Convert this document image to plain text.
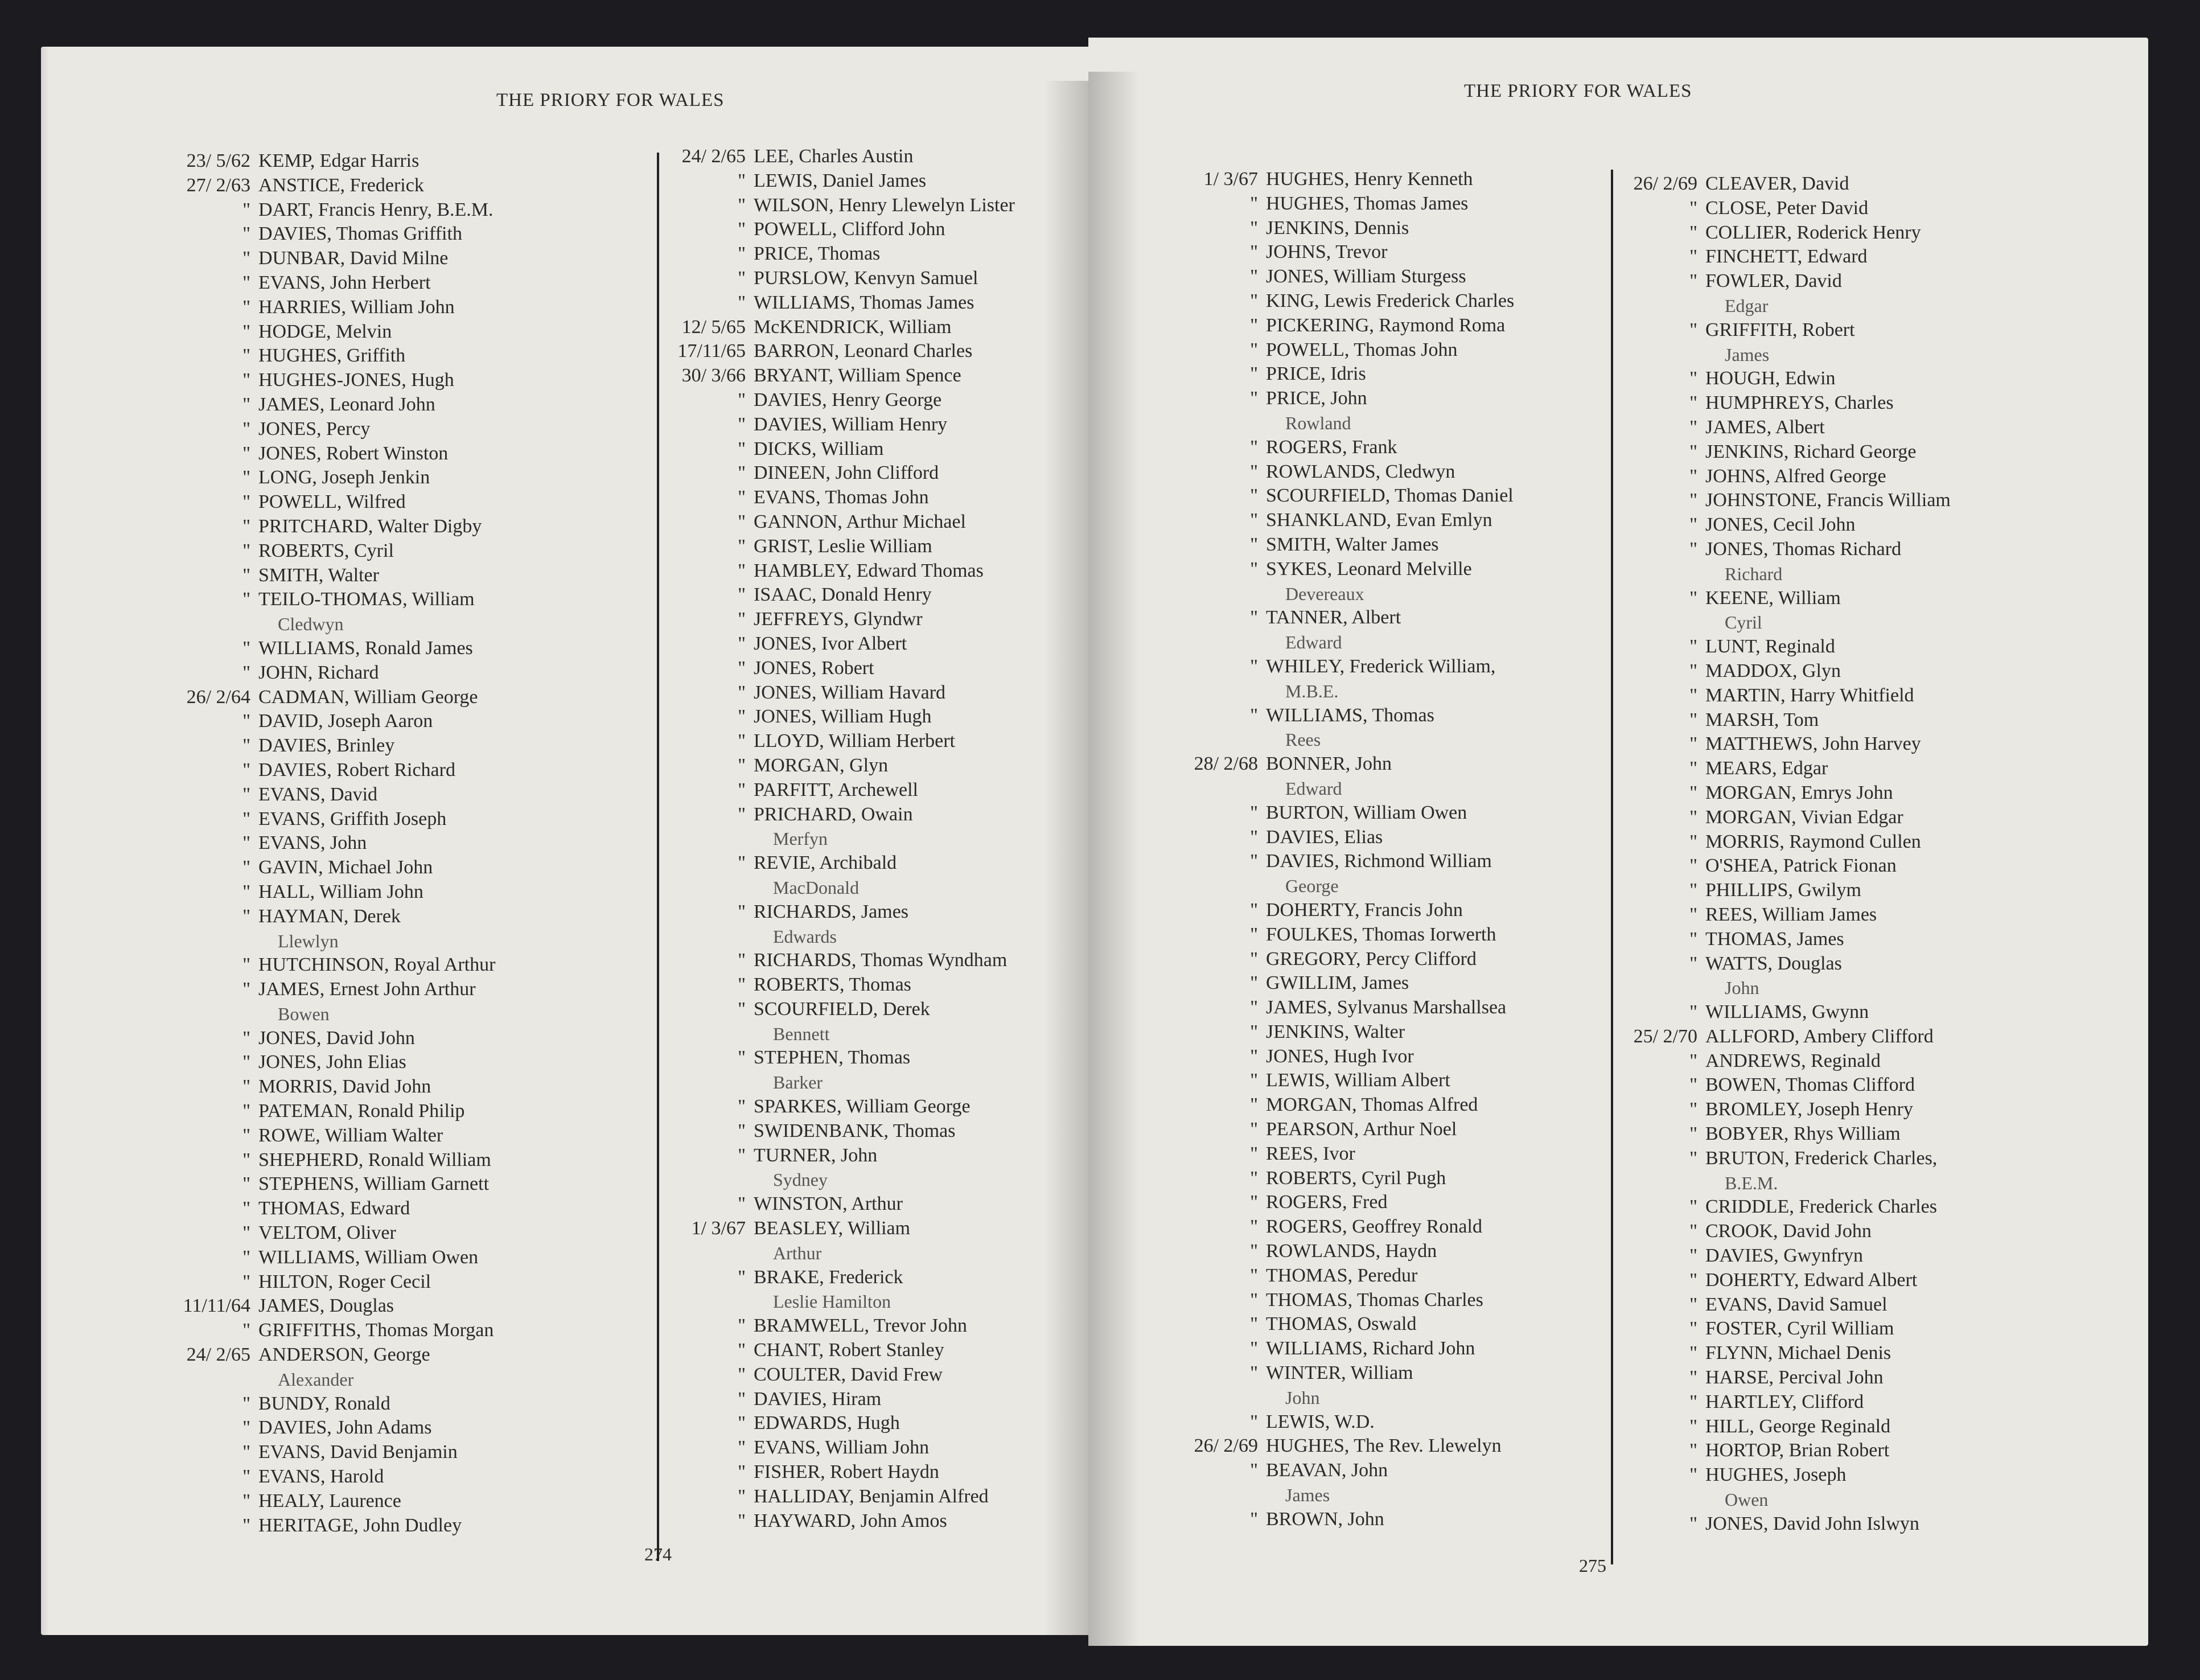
THE PRIORY FOR WALES
23/ 5/62 KEMP, Edgar Harris
27/ 2/63 ANSTICE, Frederick
" DART, Francis Henry, B.E.M.
" DAVIES, Thomas Griffith
" DUNBAR, David Milne
" EVANS, John Herbert
" HARRIES, William John
" HODGE, Melvin
" HUGHES, Griffith
" HUGHES-JONES, Hugh
" JAMES, Leonard John
" JONES, Percy
" JONES, Robert Winston
" LONG, Joseph Jenkin
" POWELL, Wilfred
" PRITCHARD, Walter Digby
" ROBERTS, Cyril
" SMITH, Walter
" TEILO-THOMAS, William
Cledwyn
" WILLIAMS, Ronald James
" JOHN, Richard
26/ 2/64 CADMAN, William George
" DAVID, Joseph Aaron
" DAVIES, Brinley
" DAVIES, Robert Richard
" EVANS, David
" EVANS, Griffith Joseph
" EVANS, John
" GAVIN, Michael John
" HALL, William John
" HAYMAN, Derek
Llewlyn
" HUTCHINSON, Royal Arthur
" JAMES, Ernest John Arthur
Bowen
" JONES, David John
" JONES, John Elias
" MORRIS, David John
" PATEMAN, Ronald Philip
" ROWE, William Walter
" SHEPHERD, Ronald William
" STEPHENS, William Garnett
" THOMAS, Edward
" VELTOM, Oliver
" WILLIAMS, William Owen
" HILTON, Roger Cecil
11/11/64 JAMES, Douglas
" GRIFFITHS, Thomas Morgan
24/ 2/65 ANDERSON, George
Alexander
" BUNDY, Ronald
" DAVIES, John Adams
" EVANS, David Benjamin
" EVANS, Harold
" HEALY, Laurence
" HERITAGE, John Dudley
24/ 2/65 LEE, Charles Austin
" LEWIS, Daniel James
" WILSON, Henry Llewelyn Lister
" POWELL, Clifford John
" PRICE, Thomas
" PURSLOW, Kenvyn Samuel
" WILLIAMS, Thomas James
12/ 5/65 McKENDRICK, William
17/11/65 BARRON, Leonard Charles
30/ 3/66 BRYANT, William Spence
" DAVIES, Henry George
" DAVIES, William Henry
" DICKS, William
" DINEEN, John Clifford
" EVANS, Thomas John
" GANNON, Arthur Michael
" GRIST, Leslie William
" HAMBLEY, Edward Thomas
" ISAAC, Donald Henry
" JEFFREYS, Glyndwr
" JONES, Ivor Albert
" JONES, Robert
" JONES, William Havard
" JONES, William Hugh
" LLOYD, William Herbert
" MORGAN, Glyn
" PARFITT, Archewell
" PRICHARD, Owain
Merfyn
" REVIE, Archibald
MacDonald
" RICHARDS, James
Edwards
" RICHARDS, Thomas Wyndham
" ROBERTS, Thomas
" SCOURFIELD, Derek
Bennett
" STEPHEN, Thomas
Barker
" SPARKES, William George
" SWIDENBANK, Thomas
" TURNER, John
Sydney
" WINSTON, Arthur
1/ 3/67 BEASLEY, William
Arthur
" BRAKE, Frederick
Leslie Hamilton
" BRAMWELL, Trevor John
" CHANT, Robert Stanley
" COULTER, David Frew
" DAVIES, Hiram
" EDWARDS, Hugh
" EVANS, William John
" FISHER, Robert Haydn
" HALLIDAY, Benjamin Alfred
" HAYWARD, John Amos
274
THE PRIORY FOR WALES
1/ 3/67 HUGHES, Henry Kenneth
" HUGHES, Thomas James
" JENKINS, Dennis
" JOHNS, Trevor
" JONES, William Sturgess
" KING, Lewis Frederick Charles
" PICKERING, Raymond Roma
" POWELL, Thomas John
" PRICE, Idris
" PRICE, John
Rowland
" ROGERS, Frank
" ROWLANDS, Cledwyn
" SCOURFIELD, Thomas Daniel
" SHANKLAND, Evan Emlyn
" SMITH, Walter James
" SYKES, Leonard Melville
Devereaux
" TANNER, Albert
Edward
" WHILEY, Frederick William,
M.B.E.
" WILLIAMS, Thomas
Rees
28/ 2/68 BONNER, John
Edward
" BURTON, William Owen
" DAVIES, Elias
" DAVIES, Richmond William
George
" DOHERTY, Francis John
" FOULKES, Thomas Iorwerth
" GREGORY, Percy Clifford
" GWILLIM, James
" JAMES, Sylvanus Marshallsea
" JENKINS, Walter
" JONES, Hugh Ivor
" LEWIS, William Albert
" MORGAN, Thomas Alfred
" PEARSON, Arthur Noel
" REES, Ivor
" ROBERTS, Cyril Pugh
" ROGERS, Fred
" ROGERS, Geoffrey Ronald
" ROWLANDS, Haydn
" THOMAS, Peredur
" THOMAS, Thomas Charles
" THOMAS, Oswald
" WILLIAMS, Richard John
" WINTER, William
John
" LEWIS, W.D.
26/ 2/69 HUGHES, The Rev. Llewelyn
" BEAVAN, John
James
" BROWN, John
26/ 2/69 CLEAVER, David
" CLOSE, Peter David
" COLLIER, Roderick Henry
" FINCHETT, Edward
" FOWLER, David
Edgar
" GRIFFITH, Robert
James
" HOUGH, Edwin
" HUMPHREYS, Charles
" JAMES, Albert
" JENKINS, Richard George
" JOHNS, Alfred George
" JOHNSTONE, Francis William
" JONES, Cecil John
" JONES, Thomas Richard
Richard
" KEENE, William
Cyril
" LUNT, Reginald
" MADDOX, Glyn
" MARTIN, Harry Whitfield
" MARSH, Tom
" MATTHEWS, John Harvey
" MEARS, Edgar
" MORGAN, Emrys John
" MORGAN, Vivian Edgar
" MORRIS, Raymond Cullen
" O'SHEA, Patrick Fionan
" PHILLIPS, Gwilym
" REES, William James
" THOMAS, James
" WATTS, Douglas
John
" WILLIAMS, Gwynn
25/ 2/70 ALLFORD, Ambery Clifford
" ANDREWS, Reginald
" BOWEN, Thomas Clifford
" BROMLEY, Joseph Henry
" BOBYER, Rhys William
" BRUTON, Frederick Charles,
B.E.M.
" CRIDDLE, Frederick Charles
" CROOK, David John
" DAVIES, Gwynfryn
" DOHERTY, Edward Albert
" EVANS, David Samuel
" FOSTER, Cyril William
" FLYNN, Michael Denis
" HARSE, Percival John
" HARTLEY, Clifford
" HILL, George Reginald
" HORTOP, Brian Robert
" HUGHES, Joseph
Owen
" JONES, David John Islwyn
275
